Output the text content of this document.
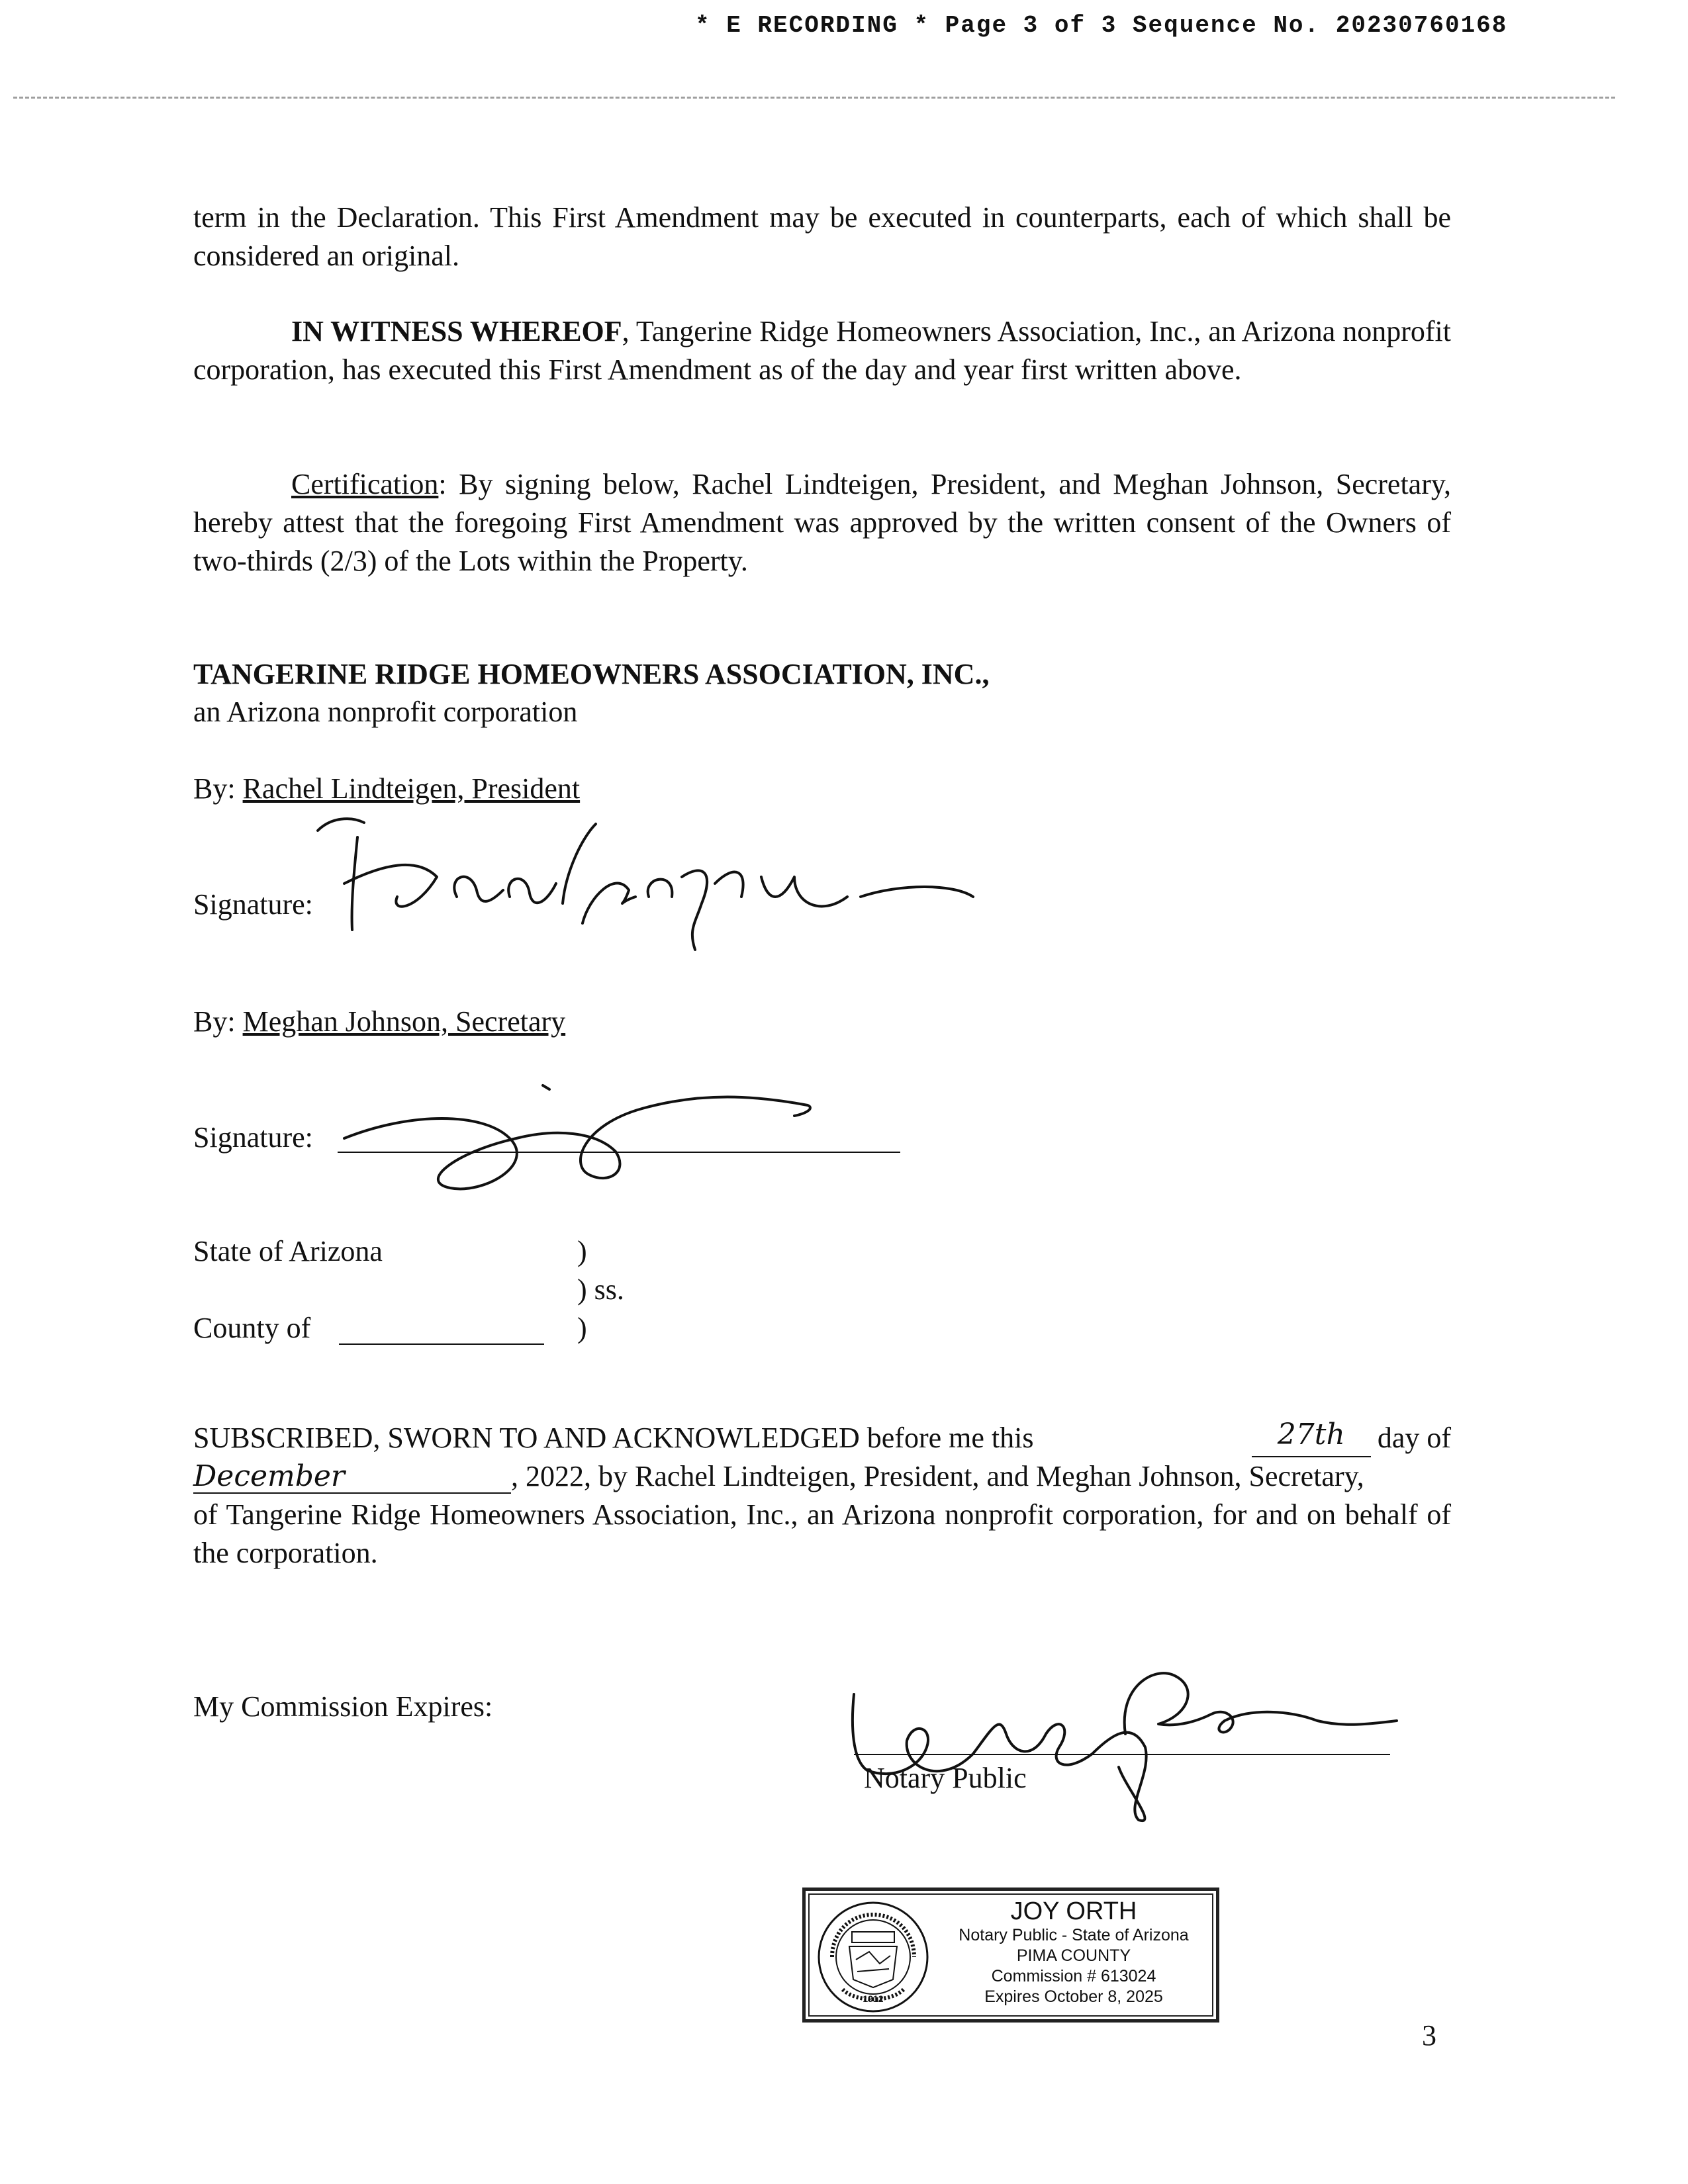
* E RECORDING * Page 3 of 3 Sequence No. 20230760168
term in the Declaration. This First Amendment may be executed in counterparts, each of which shall be considered an original.
IN WITNESS WHEREOF, Tangerine Ridge Homeowners Association, Inc., an Arizona nonprofit corporation, has executed this First Amendment as of the day and year first written above.
Certification: By signing below, Rachel Lindteigen, President, and Meghan Johnson, Secretary, hereby attest that the foregoing First Amendment was approved by the written consent of the Owners of two-thirds (2/3) of the Lots within the Property.
TANGERINE RIDGE HOMEOWNERS ASSOCIATION, INC.,
an Arizona nonprofit corporation
By: Rachel Lindteigen, President
Signature:
By: Meghan Johnson, Secretary
Signature:
State of Arizona	)
) ss.
County of	)
SUBSCRIBED, SWORN TO AND ACKNOWLEDGED before me this	27th	day of
December	, 2022, by Rachel Lindteigen, President, and Meghan Johnson, Secretary,
of Tangerine Ridge Homeowners Association, Inc., an Arizona nonprofit corporation, for and on behalf of the corporation.
My Commission Expires:
Notary Public
1912
JOY ORTH
Notary Public - State of Arizona
PIMA COUNTY
Commission # 613024
Expires October 8, 2025
3
